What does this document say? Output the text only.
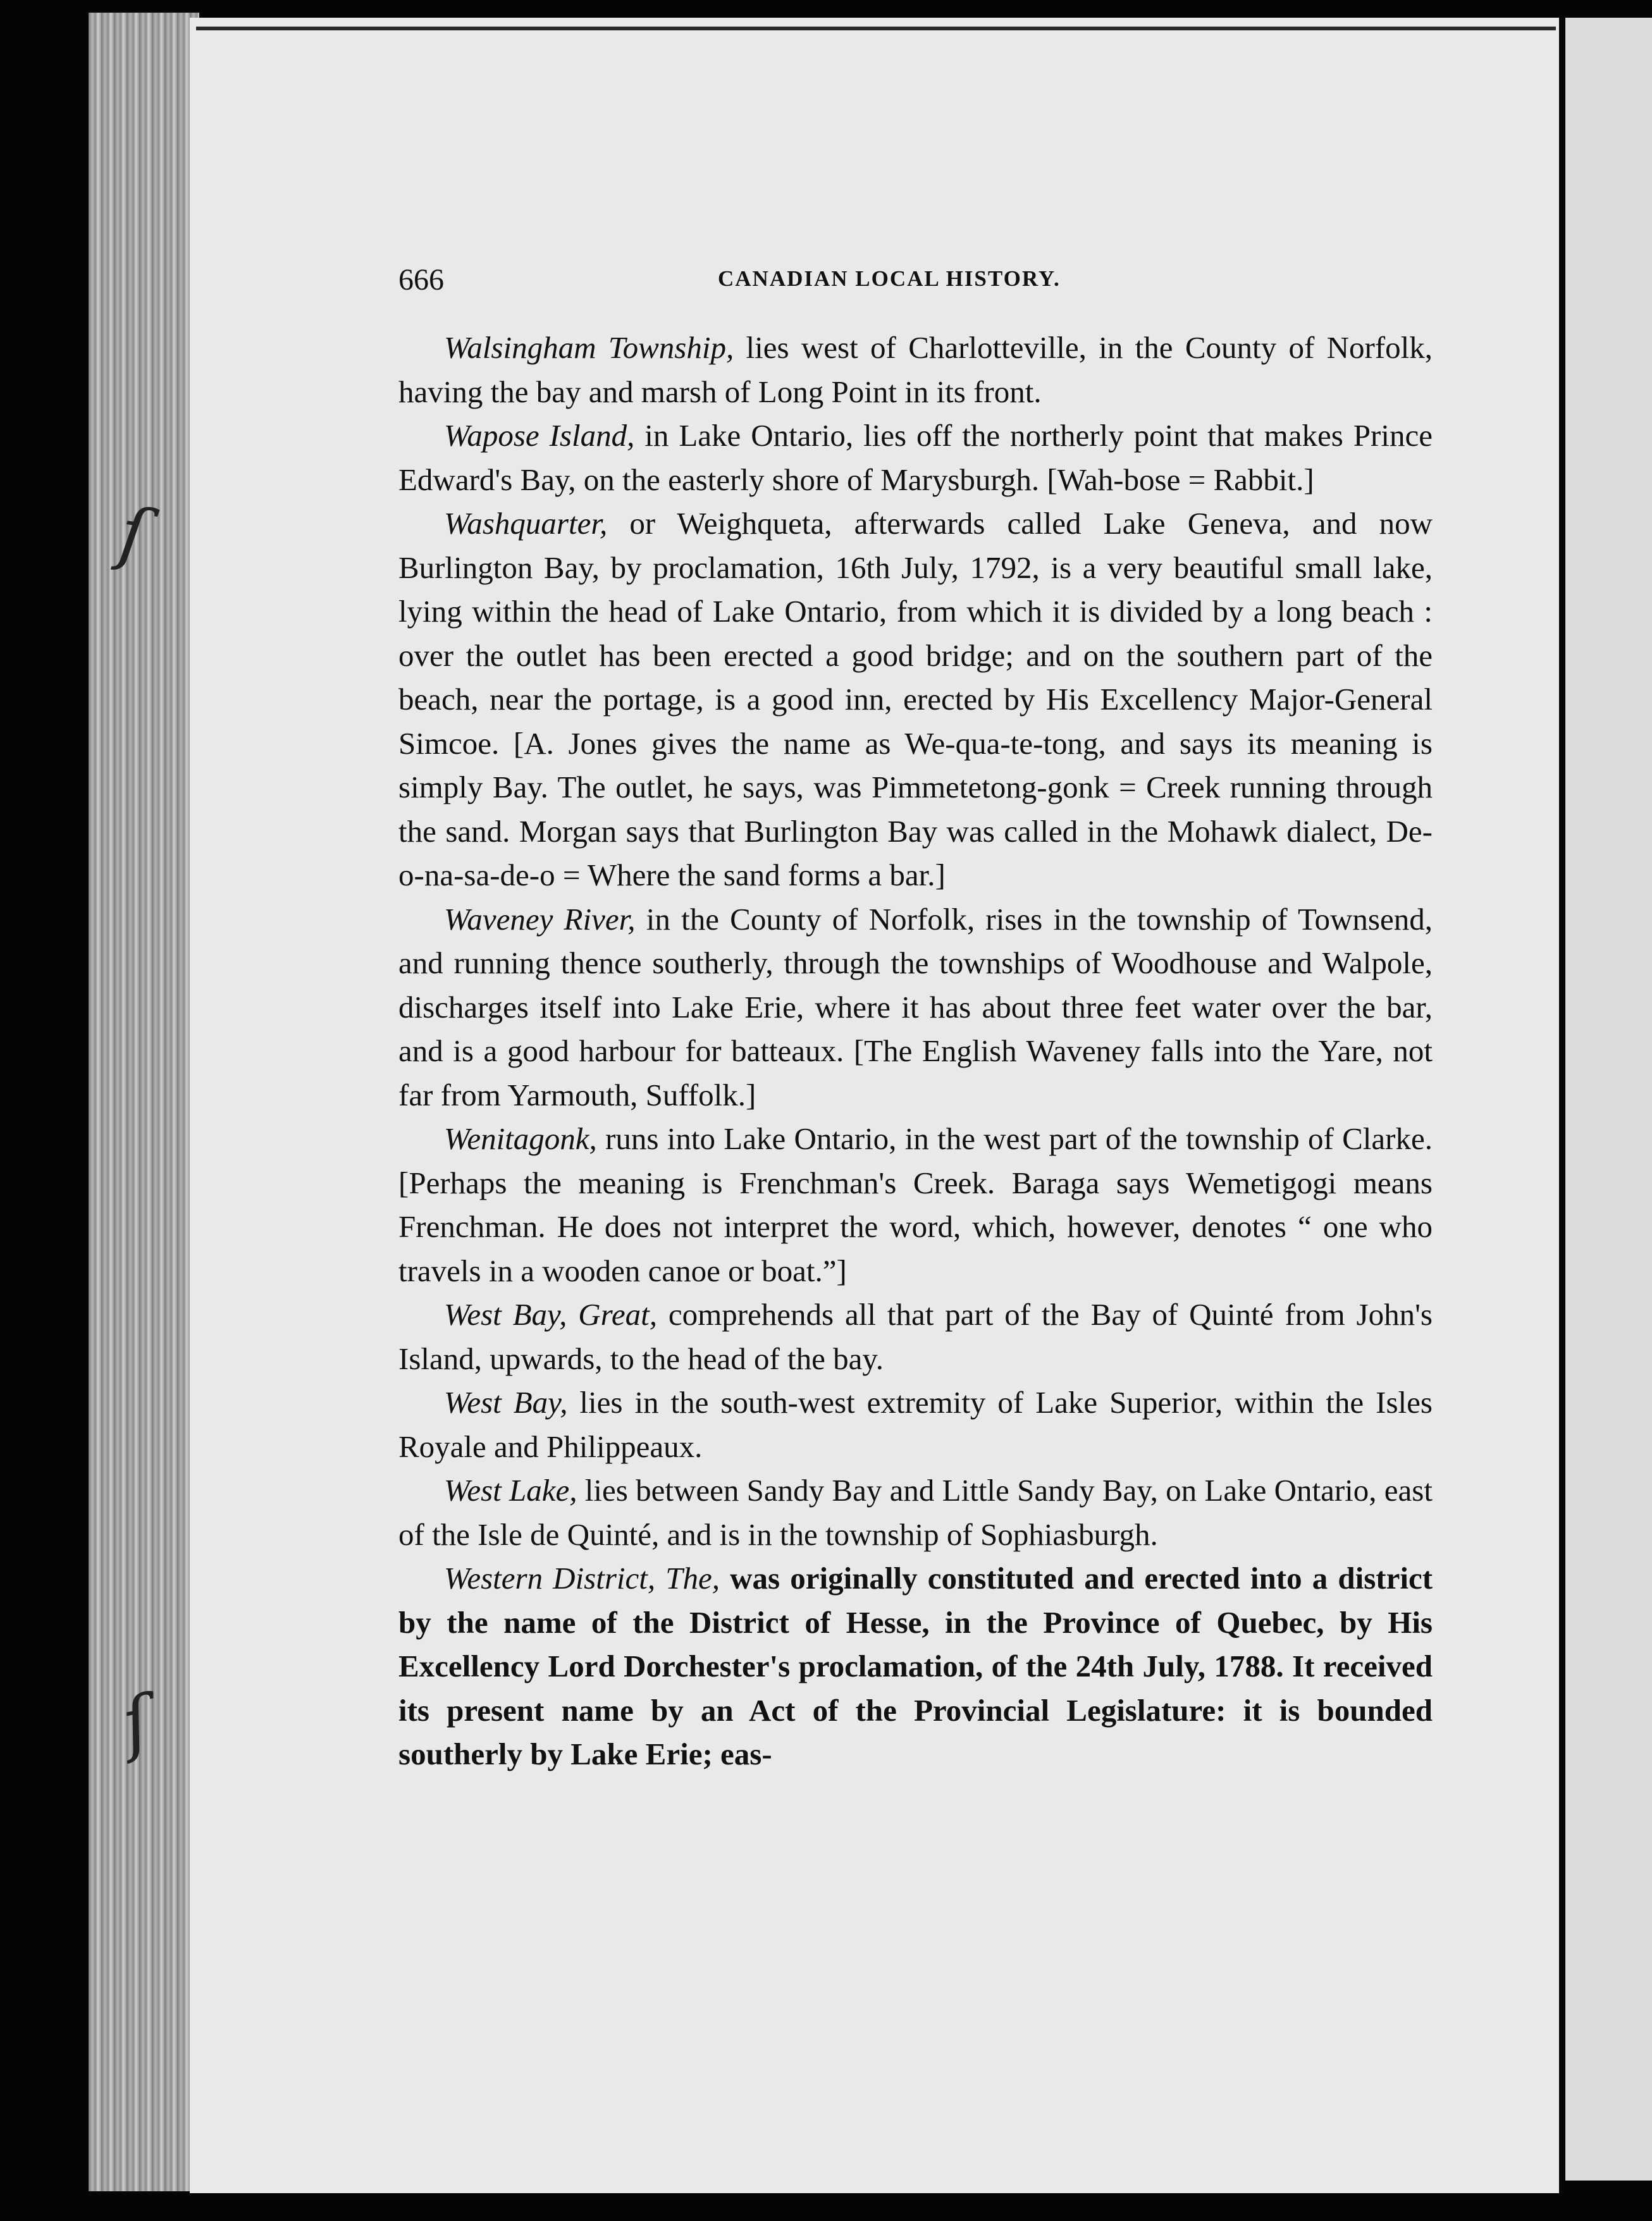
ſ
ſ
666	CANADIAN LOCAL HISTORY.

Walsingham Township, lies west of Charlotteville, in the County of Norfolk, having the bay and marsh of Long Point in its front.

Wapose Island, in Lake Ontario, lies off the northerly point that makes Prince Edward's Bay, on the easterly shore of Marysburgh. [Wah-bose = Rabbit.]

Washquarter, or Weighqueta, afterwards called Lake Geneva, and now Burlington Bay, by proclamation, 16th July, 1792, is a very beautiful small lake, lying within the head of Lake Ontario, from which it is divided by a long beach : over the outlet has been erected a good bridge; and on the southern part of the beach, near the portage, is a good inn, erected by His Excellency Major-General Simcoe. [A. Jones gives the name as We-qua-te-tong, and says its meaning is simply Bay. The outlet, he says, was Pimmetetong-gonk = Creek running through the sand. Morgan says that Burlington Bay was called in the Mohawk dialect, De-o-na-sa-de-o = Where the sand forms a bar.]

Waveney River, in the County of Norfolk, rises in the township of Townsend, and running thence southerly, through the townships of Woodhouse and Walpole, discharges itself into Lake Erie, where it has about three feet water over the bar, and is a good harbour for batteaux. [The English Waveney falls into the Yare, not far from Yarmouth, Suffolk.]

Wenitagonk, runs into Lake Ontario, in the west part of the township of Clarke. [Perhaps the meaning is Frenchman's Creek. Baraga says Wemetigogi means Frenchman. He does not interpret the word, which, however, denotes “ one who travels in a wooden canoe or boat.”]

West Bay, Great, comprehends all that part of the Bay of Quinté from John's Island, upwards, to the head of the bay.

West Bay, lies in the south-west extremity of Lake Superior, within the Isles Royale and Philippeaux.

West Lake, lies between Sandy Bay and Little Sandy Bay, on Lake Ontario, east of the Isle de Quinté, and is in the township of Sophiasburgh.

Western District, The, was originally constituted and erected into a district by the name of the District of Hesse, in the Province of Quebec, by His Excellency Lord Dorchester's proclamation, of the 24th July, 1788. It received its present name by an Act of the Provincial Legislature: it is bounded southerly by Lake Erie; eas-
